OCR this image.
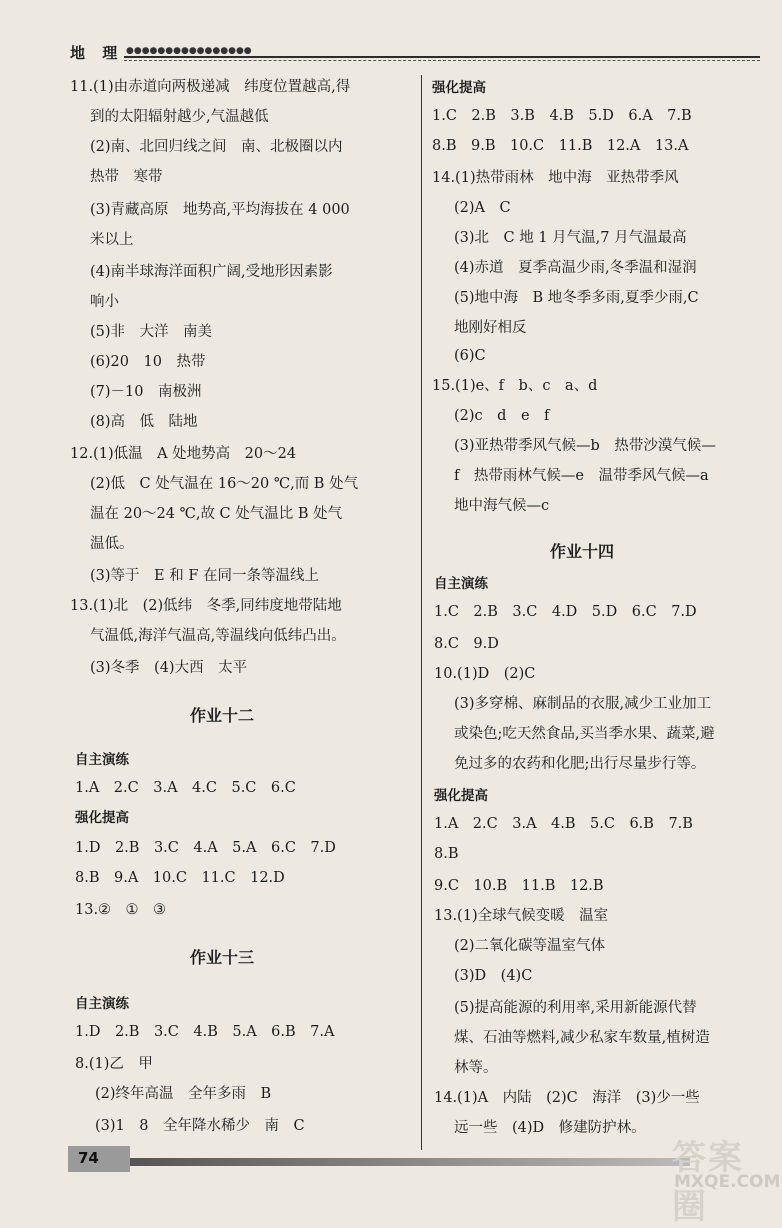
地 理 ●●●●●●●●●●●●●●●●
11.(1)由赤道向两极递减　纬度位置越高,得
到的太阳辐射越少,气温越低
(2)南、北回归线之间　南、北极圈以内
热带　寒带
(3)青藏高原　地势高,平均海拔在 4 000
米以上
(4)南半球海洋面积广阔,受地形因素影
响小
(5)非　大洋　南美
(6)20　10　热带
(7)－10　南极洲
(8)高　低　陆地
12.(1)低温　A 处地势高　20～24
(2)低　C 处气温在 16～20 ℃,而 B 处气
温在 20～24 ℃,故 C 处气温比 B 处气
温低。
(3)等于　E 和 F 在同一条等温线上
13.(1)北　(2)低纬　冬季,同纬度地带陆地
气温低,海洋气温高,等温线向低纬凸出。
(3)冬季　(4)大西　太平
作业十二
自主演练
1.A　2.C　3.A　4.C　5.C　6.C
强化提高
1.D　2.B　3.C　4.A　5.A　6.C　7.D
8.B　9.A　10.C　11.C　12.D
13.②　①　③
作业十三
自主演练
1.D　2.B　3.C　4.B　5.A　6.B　7.A
8.(1)乙　甲
(2)终年高温　全年多雨　B
(3)1　8　全年降水稀少　南　C
强化提高
1.C　2.B　3.B　4.B　5.D　6.A　7.B
8.B　9.B　10.C　11.B　12.A　13.A
14.(1)热带雨林　地中海　亚热带季风
(2)A　C
(3)北　C 地 1 月气温,7 月气温最高
(4)赤道　夏季高温少雨,冬季温和湿润
(5)地中海　B 地冬季多雨,夏季少雨,C
地刚好相反
(6)C
15.(1)e、f　b、c　a、d
(2)c　d　e　f
(3)亚热带季风气候—b　热带沙漠气候—
f　热带雨林气候—e　温带季风气候—a
地中海气候—c
作业十四
自主演练
1.C　2.B　3.C　4.D　5.D　6.C　7.D
8.C　9.D
10.(1)D　(2)C
(3)多穿棉、麻制品的衣服,减少工业加工
或染色;吃天然食品,买当季水果、蔬菜,避
免过多的农药和化肥;出行尽量步行等。
强化提高
1.A　2.C　3.A　4.B　5.C　6.B　7.B
8.B
9.C　10.B　11.B　12.B
13.(1)全球气候变暖　温室
(2)二氧化碳等温室气体
(3)D　(4)C
(5)提高能源的利用率,采用新能源代替
煤、石油等燃料,减少私家车数量,植树造
林等。
14.(1)A　内陆　(2)C　海洋　(3)少一些
远一些　(4)D　修建防护林。
74	答案圈
MXQE.COM
